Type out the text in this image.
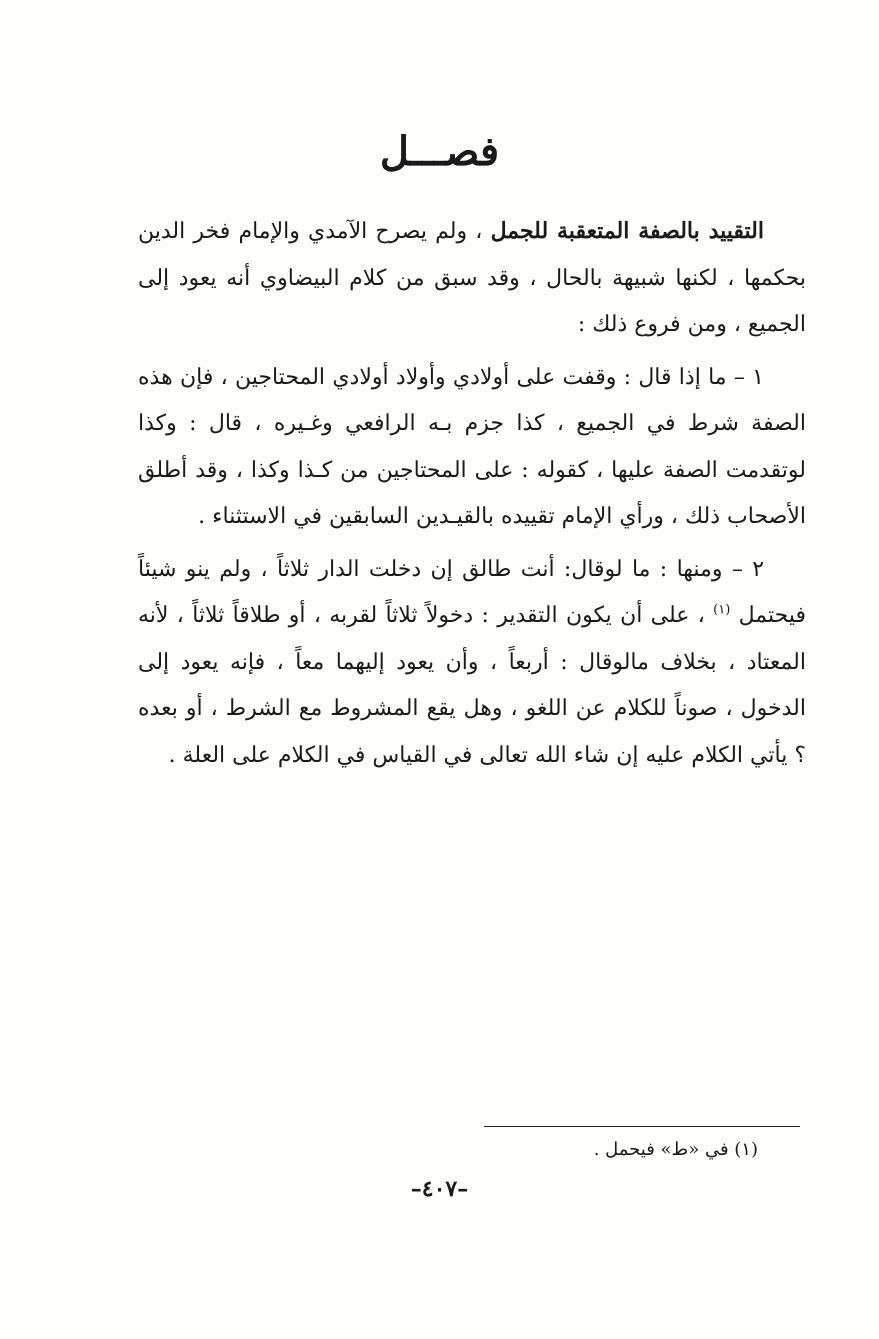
فصـــل

التقييد بالصفة المتعقبة للجمل ، ولم يصرح الآمدي والإمام فخر الدين بحكمها ، لكنها شبيهة بالحال ، وقد سبق من كلام البيضاوي أنه يعود إلى الجميع ، ومن فروع ذلك :

١ – ما إذا قال : وقفت على أولادي وأولاد أولادي المحتاجين ، فإن هذه الصفة شرط في الجميع ، كذا جزم بـه الرافعي وغـيره ، قال : وكذا لوتقدمت الصفة عليها ، كقوله : على المحتاجين من كـذا وكذا ، وقد أطلق الأصحاب ذلك ، ورأي الإمام تقييده بالقيـدين السابقين في الاستثناء .

٢ – ومنها : ما لوقال: أنت طالق إن دخلت الدار ثلاثاً ، ولم ينو شيئاً فيحتمل $^{(١)}$ ، على أن يكون التقدير : دخولاً ثلاثاً لقربه ، أو طلاقاً ثلاثاً ، لأنه المعتاد ، بخلاف مالوقال : أربعاً ، وأن يعود إليهما معاً ، فإنه يعود إلى الدخول ، صوناً للكلام عن اللغو ، وهل يقع المشروط مع الشرط ، أو بعده ؟ يأتي الكلام عليه إن شاء الله تعالى في القياس في الكلام على العلة .

(١) في «ط» فيحمل .
–٤٠٧–
